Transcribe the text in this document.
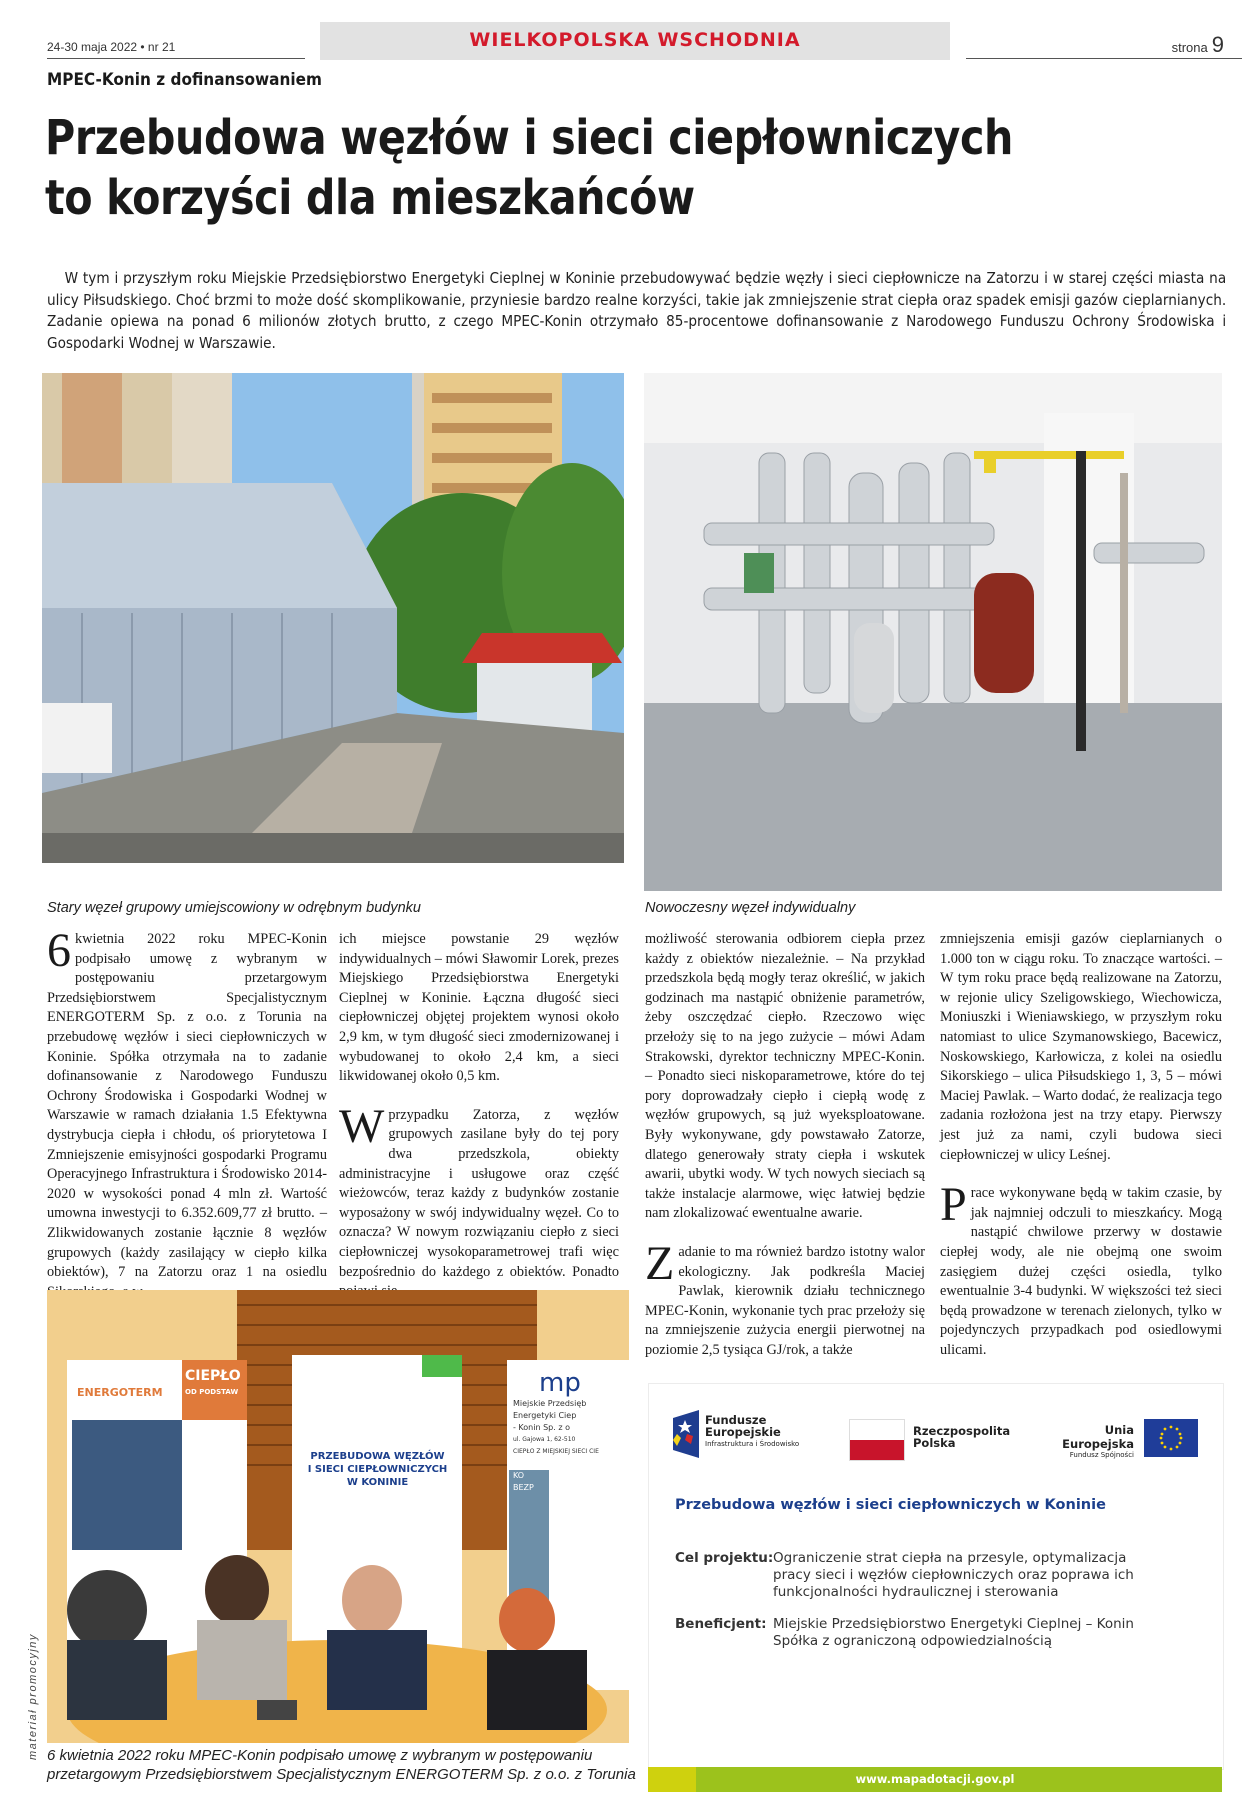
24-30 maja 2022 • nr 21	WIELKOPOLSKA WSCHODNIA	strona 9
MPEC-Konin z dofinansowaniem
Przebudowa węzłów i sieci ciepłowniczych
to korzyści dla mieszkańców
W tym i przyszłym roku Miejskie Przedsiębiorstwo Energetyki Cieplnej w Koninie przebudowywać będzie węzły i sieci ciepłownicze na Zatorzu i w starej części miasta na ulicy Piłsudskiego. Choć brzmi to może dość skomplikowanie, przyniesie bardzo realne korzyści, takie jak zmniejszenie strat ciepła oraz spadek emisji gazów cieplarnianych. Zadanie opiewa na ponad 6 milionów złotych brutto, z czego MPEC-Konin otrzymało 85-procentowe dofinansowanie z Narodowego Funduszu Ochrony Środowiska i Gospodarki Wodnej w Warszawie.
Stary węzeł grupowy umiejscowiony w odrębnym budynku	Nowoczesny węzeł indywidualny

6 kwietnia 2022 roku MPEC-Konin podpisało umowę z wybranym w postępowaniu przetargowym Przedsiębiorstwem Specjalistycznym ENERGOTERM Sp. z o.o. z Torunia na przebudowę węzłów i sieci ciepłowniczych w Koninie. Spółka otrzymała na to zadanie dofinansowanie z Narodowego Funduszu Ochrony Środowiska i Gospodarki Wodnej w Warszawie w ramach działania 1.5 Efektywna dystrybucja ciepła i chłodu, oś priorytetowa I Zmniejszenie emisyjności gospodarki Programu Operacyjnego Infrastruktura i Środowisko 2014-2020 w wysokości ponad 4 mln zł. Wartość umowna inwestycji to 6.352.609,77 zł brutto. – Zlikwidowanych zostanie łącznie 8 węzłów grupowych (każdy zasilający w ciepło kilka obiektów), 7 na Zatorzu oraz 1 na osiedlu

ich miejsce powstanie 29 węzłów indywidualnych – mówi Sławomir Lorek, prezes Miejskiego Przedsiębiorstwa Energetyki Cieplnej w Koninie. Łączna długość sieci ciepłowniczej objętej projektem wynosi około 2,9 km, w tym długość sieci zmodernizowanej i wybudowanej to około 2,4 km, a sieci likwidowanej około 0,5 km.

W przypadku Zatorza, z węzłów grupowych zasilane były do tej pory dwa przedszkola, obiekty administracyjne i usługowe oraz część wieżowców, teraz każdy z budynków zostanie wyposażony w swój indywidualny węzeł. Co to oznacza? W nowym rozwiązaniu ciepło z sieci ciepłowniczej wysokoparametrowej trafi więc bezpośrednio do każdego z obiektów. Ponadto

możliwość sterowania odbiorem ciepła przez każdy z obiektów niezależnie. – Na przykład przedszkola będą mogły teraz określić, w jakich godzinach ma nastąpić obniżenie parametrów, żeby oszczędzać ciepło. Rzeczowo więc przełoży się to na jego zużycie – mówi Adam Strakowski, dyrektor techniczny MPEC-Konin. – Ponadto sieci niskoparametrowe, które do tej pory doprowadzały ciepło i ciepłą wodę z węzłów grupowych, są już wyeksploatowane. Były wykonywane, gdy powstawało Zatorze, dlatego generowały straty ciepła i wskutek awarii, ubytki wody. W tych nowych sieciach są także instalacje alarmowe, więc łatwiej będzie nam zlokalizować ewentualne awarie.

Zadanie to ma również bardzo istotny walor ekologiczny. Jak podkreśla Maciej Pawlak, kierownik działu technicznego MPEC-Konin, wykonanie tych prac przełoży się na zmniejszenie zużycia energii pierwotnej na poziomie 2,5 tysiąca GJ/rok, a także

zmniejszenia emisji gazów cieplarnianych o 1.000 ton w ciągu roku. To znaczące wartości. – W tym roku prace będą realizowane na Zatorzu, w rejonie ulicy Szeligowskiego, Wiechowicza, Moniuszki i Wieniawskiego, w przyszłym roku natomiast to ulice Szymanowskiego, Bacewicz, Noskowskiego, Karłowicza, z kolei na osiedlu Sikorskiego – ulica Piłsudskiego 1, 3, 5 – mówi Maciej Pawlak. – Warto dodać, że realizacja tego zadania rozłożona jest na trzy etapy. Pierwszy jest już za nami, czyli budowa sieci ciepłowniczej w ulicy Leśnej.

Prace wykonywane będą w takim czasie, by jak najmniej odczuli to mieszkańcy. Mogą nastąpić chwilowe przerwy w dostawie ciepłej wody, ale nie obejmą one swoim zasięgiem dużej części osiedla, tylko ewentualnie 3-4 budynki. W większości też sieci będą prowadzone w terenach zielonych, tylko w pojedynczych przypadkach pod osiedlowymi ulicami.

ENERGOTERM
CIEPŁO
OD PODSTAW
PRZEBUDOWA WĘZŁÓW
I SIECI CIEPŁOWNICZYCH
W KONINIE
mp
Miejskie Przedsięb
Energetyki Ciep
- Konin Sp. z o
ul. Gajowa 1, 62-510
CIEPŁO Z MIEJSKIEJ SIECI CIE
EKOL
KO
BEZP
6 kwietnia 2022 roku MPEC-Konin podpisało umowę z wybranym w postępowaniu
przetargowym Przedsiębiorstwem Specjalistycznym ENERGOTERM Sp. z o.o. z Torunia
materiał promocyjny
Fundusze
Europejskie
Infrastruktura i Środowisko
Rzeczpospolita
Polska
Unia Europejska
Fundusz Spójności
Przebudowa węzłów i sieci ciepłowniczych w Koninie
Cel projektu: Ograniczenie strat ciepła na przesyle, optymalizacja pracy sieci i węzłów ciepłowniczych oraz poprawa ich funkcjonalności hydraulicznej i sterowania
Beneficjent: Miejskie Przedsiębiorstwo Energetyki Cieplnej – Konin
Spółka z ograniczoną odpowiedzialnością
www.mapadotacji.gov.pl
